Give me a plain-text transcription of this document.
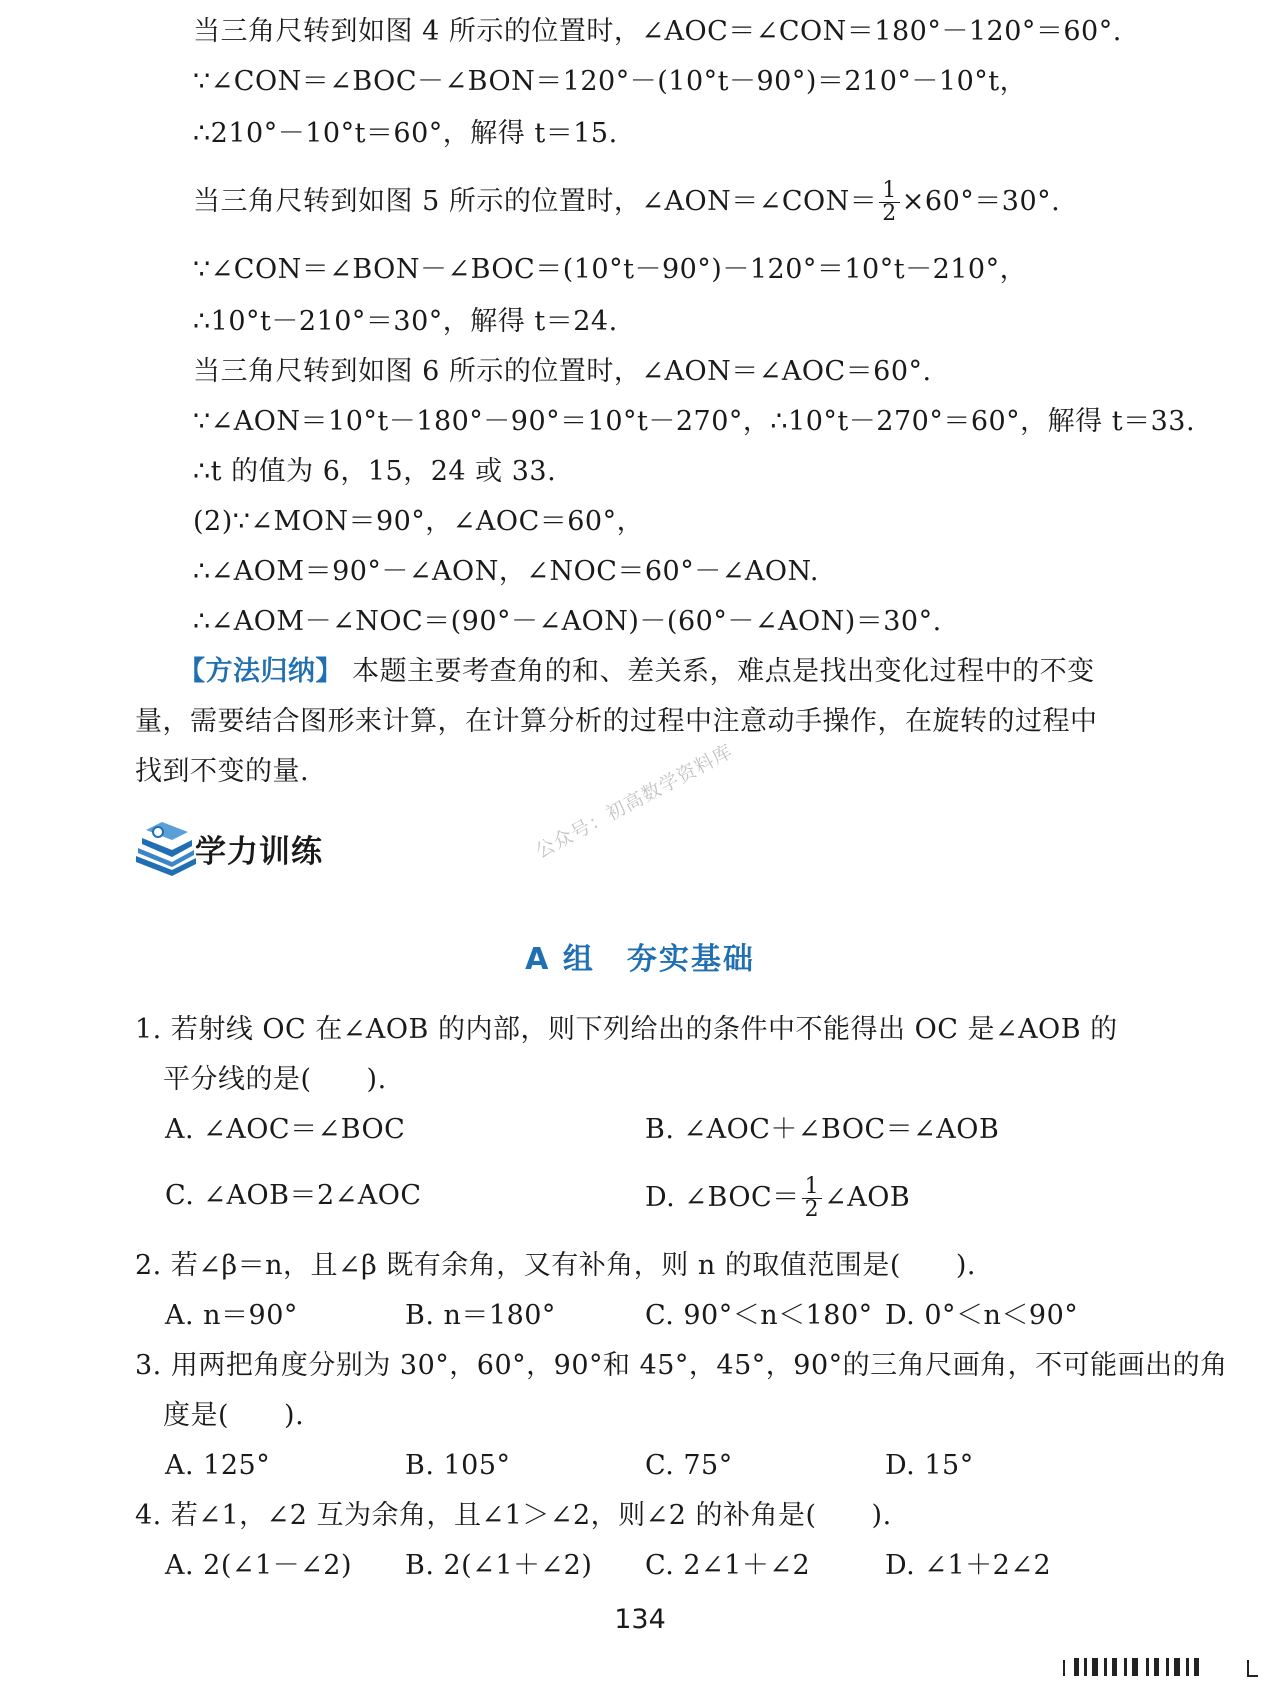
当三角尺转到如图 4 所示的位置时，∠AOC＝∠CON＝180°－120°＝60°.
∵∠CON＝∠BOC－∠BON＝120°－(10°t－90°)＝210°－10°t，
∴210°－10°t＝60°，解得 t＝15.
当三角尺转到如图 5 所示的位置时，∠AON＝∠CON＝ $\frac{1}{2} \times 60^\circ=30^\circ$.
∵∠CON＝∠BON－∠BOC＝(10°t－90°)－120°＝10°t－210°，
∴10°t－210°＝30°，解得 t＝24.
当三角尺转到如图 6 所示的位置时，∠AON＝∠AOC＝60°.
∵∠AON＝10°t－180°－90°＝10°t－270°，∴10°t－270°＝60°，解得 t＝33.
∴t 的值为 6，15，24 或 33.
(2)∵∠MON＝90°，∠AOC＝60°，
∴∠AOM＝90°－∠AON，∠NOC＝60°－∠AON.
∴∠AOM－∠NOC＝(90°－∠AON)－(60°－∠AON)＝30°.
【方法归纳】 本题主要考查角的和、差关系，难点是找出变化过程中的不变
量，需要结合图形来计算，在计算分析的过程中注意动手操作，在旋转的过程中
找到不变的量.
学力训练	公众号：初高数学资料库
A 组　夯实基础
1. 若射线 OC 在∠AOB 的内部，则下列给出的条件中不能得出 OC 是∠AOB 的
平分线的是(　　).
A. ∠AOC＝∠BOC	B. ∠AOC＋∠BOC＝∠AOB
C. ∠AOB＝2∠AOC	D. ∠BOC＝ $\frac{1}{2}$ ∠AOB
2. 若∠β＝n，且∠β 既有余角，又有补角，则 n 的取值范围是(　　).
A. n＝90°	B. n＝180°	C. 90°＜n＜180° D. 0°＜n＜90°
3. 用两把角度分别为 30°，60°，90°和 45°，45°，90°的三角尺画角，不可能画出的角
度是(　　).
A. 125°	B. 105°	C. 75°	D. 15°
4. 若∠1，∠2 互为余角，且∠1＞∠2，则∠2 的补角是(　　).
A. 2(∠1－∠2) B. 2(∠1＋∠2) C. 2∠1＋∠2	D. ∠1＋2∠2
134
